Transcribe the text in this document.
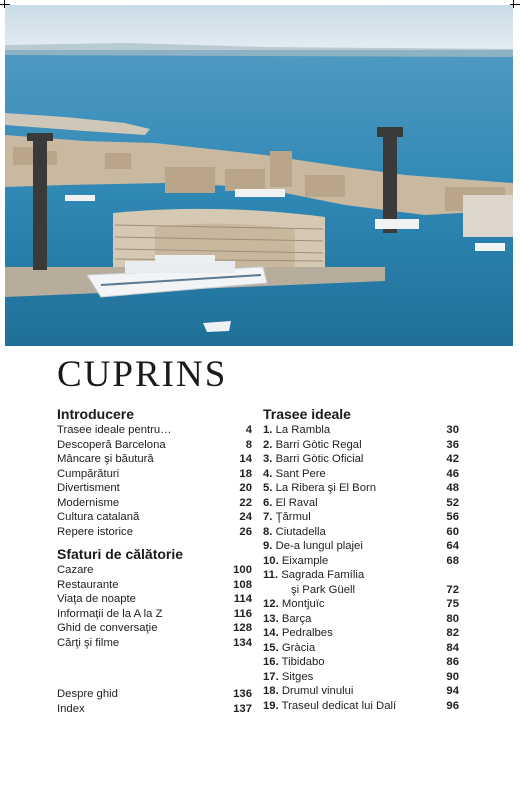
CUPRINS
Introducere
Trasee ideale pentru…	4
Descoperă Barcelona	8
Mâncare şi băutură	14
Cumpărături	18
Divertisment	20
Modernisme	22
Cultura catalană	24
Repere istorice	26
Sfaturi de călătorie
Cazare	100
Restaurante	108
Viaţa de noapte	114
Informaţii de la A la Z	116
Ghid de conversaţie	128
Cărţi şi filme	134
Despre ghid	136
Index	137
Trasee ideale
1. La Rambla	30
2. Barri Gòtic Regal	36
3. Barri Gòtic Oficial	42
4. Sant Pere	46
5. La Ribera şi El Born	48
6. El Raval	52
7. Ţărmul	56
8. Ciutadella	60
9. De-a lungul plajei	64
10. Eixample	68
11. Sagrada Família
şi Park Güell	72
12. Montjuïc	75
13. Barça	80
14. Pedralbes	82
15. Gràcia	84
16. Tibidabo	86
17. Sitges	90
18. Drumul vinului	94
19. Traseul dedicat lui Dalí	96
